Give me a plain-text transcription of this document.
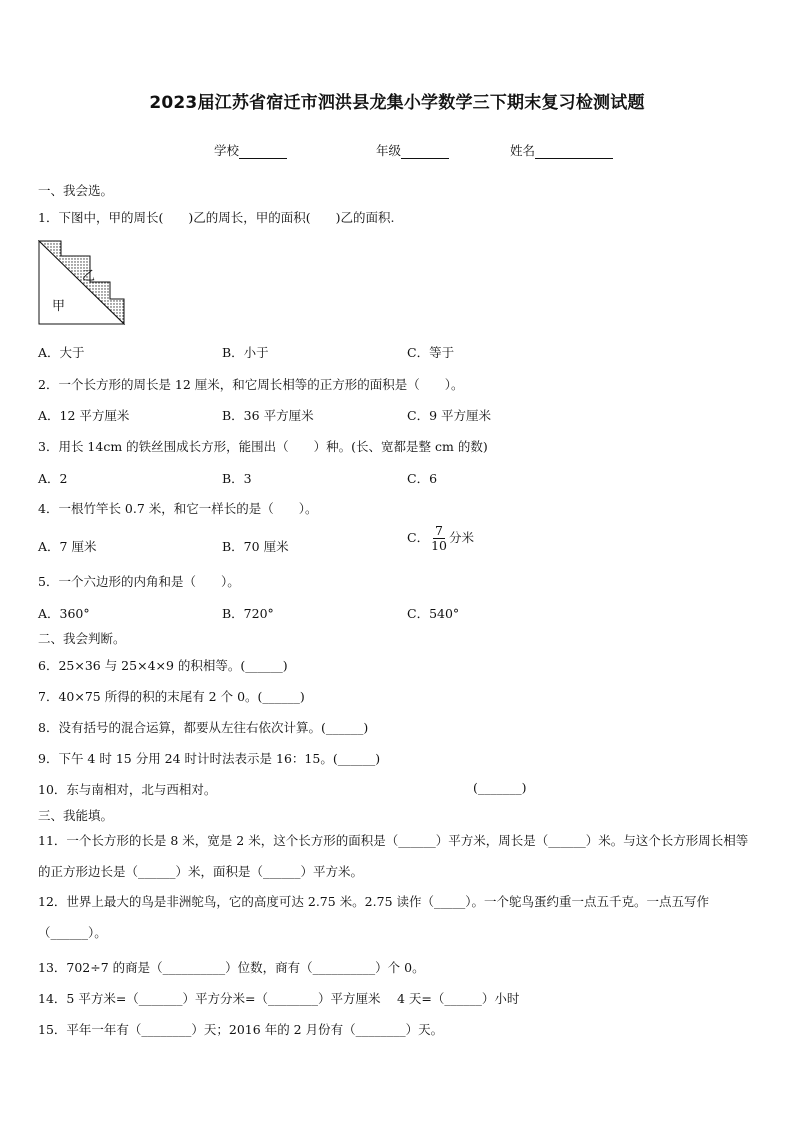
2023届江苏省宿迁市泗洪县龙集小学数学三下期末复习检测试题
学校	年级	姓名
一、我会选。
1．下图中，甲的周长(　　)乙的周长，甲的面积(　　)乙的面积.
乙
甲
A．大于	B．小于	C．等于
2．一个长方形的周长是 12 厘米，和它周长相等的正方形的面积是（　　）。
A．12 平方厘米	B．36 平方厘米	C．9 平方厘米
3．用长 14cm 的铁丝围成长方形，能围出（　　）种。(长、宽都是整 cm 的数)
A．2	B．3	C．6
4．一根竹竿长 0.7 米，和它一样长的是（　　）。
A．7 厘米	B．70 厘米
C． $\frac{7}{10}$ 分米
5．一个六边形的内角和是（　　）。
A．360°	B．720°	C．540°
二、我会判断。
6．25×36 与 25×4×9 的积相等。(______)
7．40×75 所得的积的末尾有 2 个 0。(______)
8．没有括号的混合运算，都要从左往右依次计算。(______)
9．下午 4 时 15 分用 24 时计时法表示是 16：15。(______)
10．东与南相对，北与西相对。	(_______)
三、我能填。
11．一个长方形的长是 8 米，宽是 2 米，这个长方形的面积是（______）平方米，周长是（______）米。与这个长方形周长相等的正方形边长是（______）米，面积是（______）平方米。
12．世界上最大的鸟是非洲鸵鸟，它的高度可达 2.75 米。2.75 读作（_____）。一个鸵鸟蛋约重一点五千克。一点五写作（______）。
13．702÷7 的商是（__________）位数，商有（__________）个 0。
14．5 平方米=（_______）平方分米=（________）平方厘米　 4 天=（______）小时
15．平年一年有（________）天；2016 年的 2 月份有（________）天。
